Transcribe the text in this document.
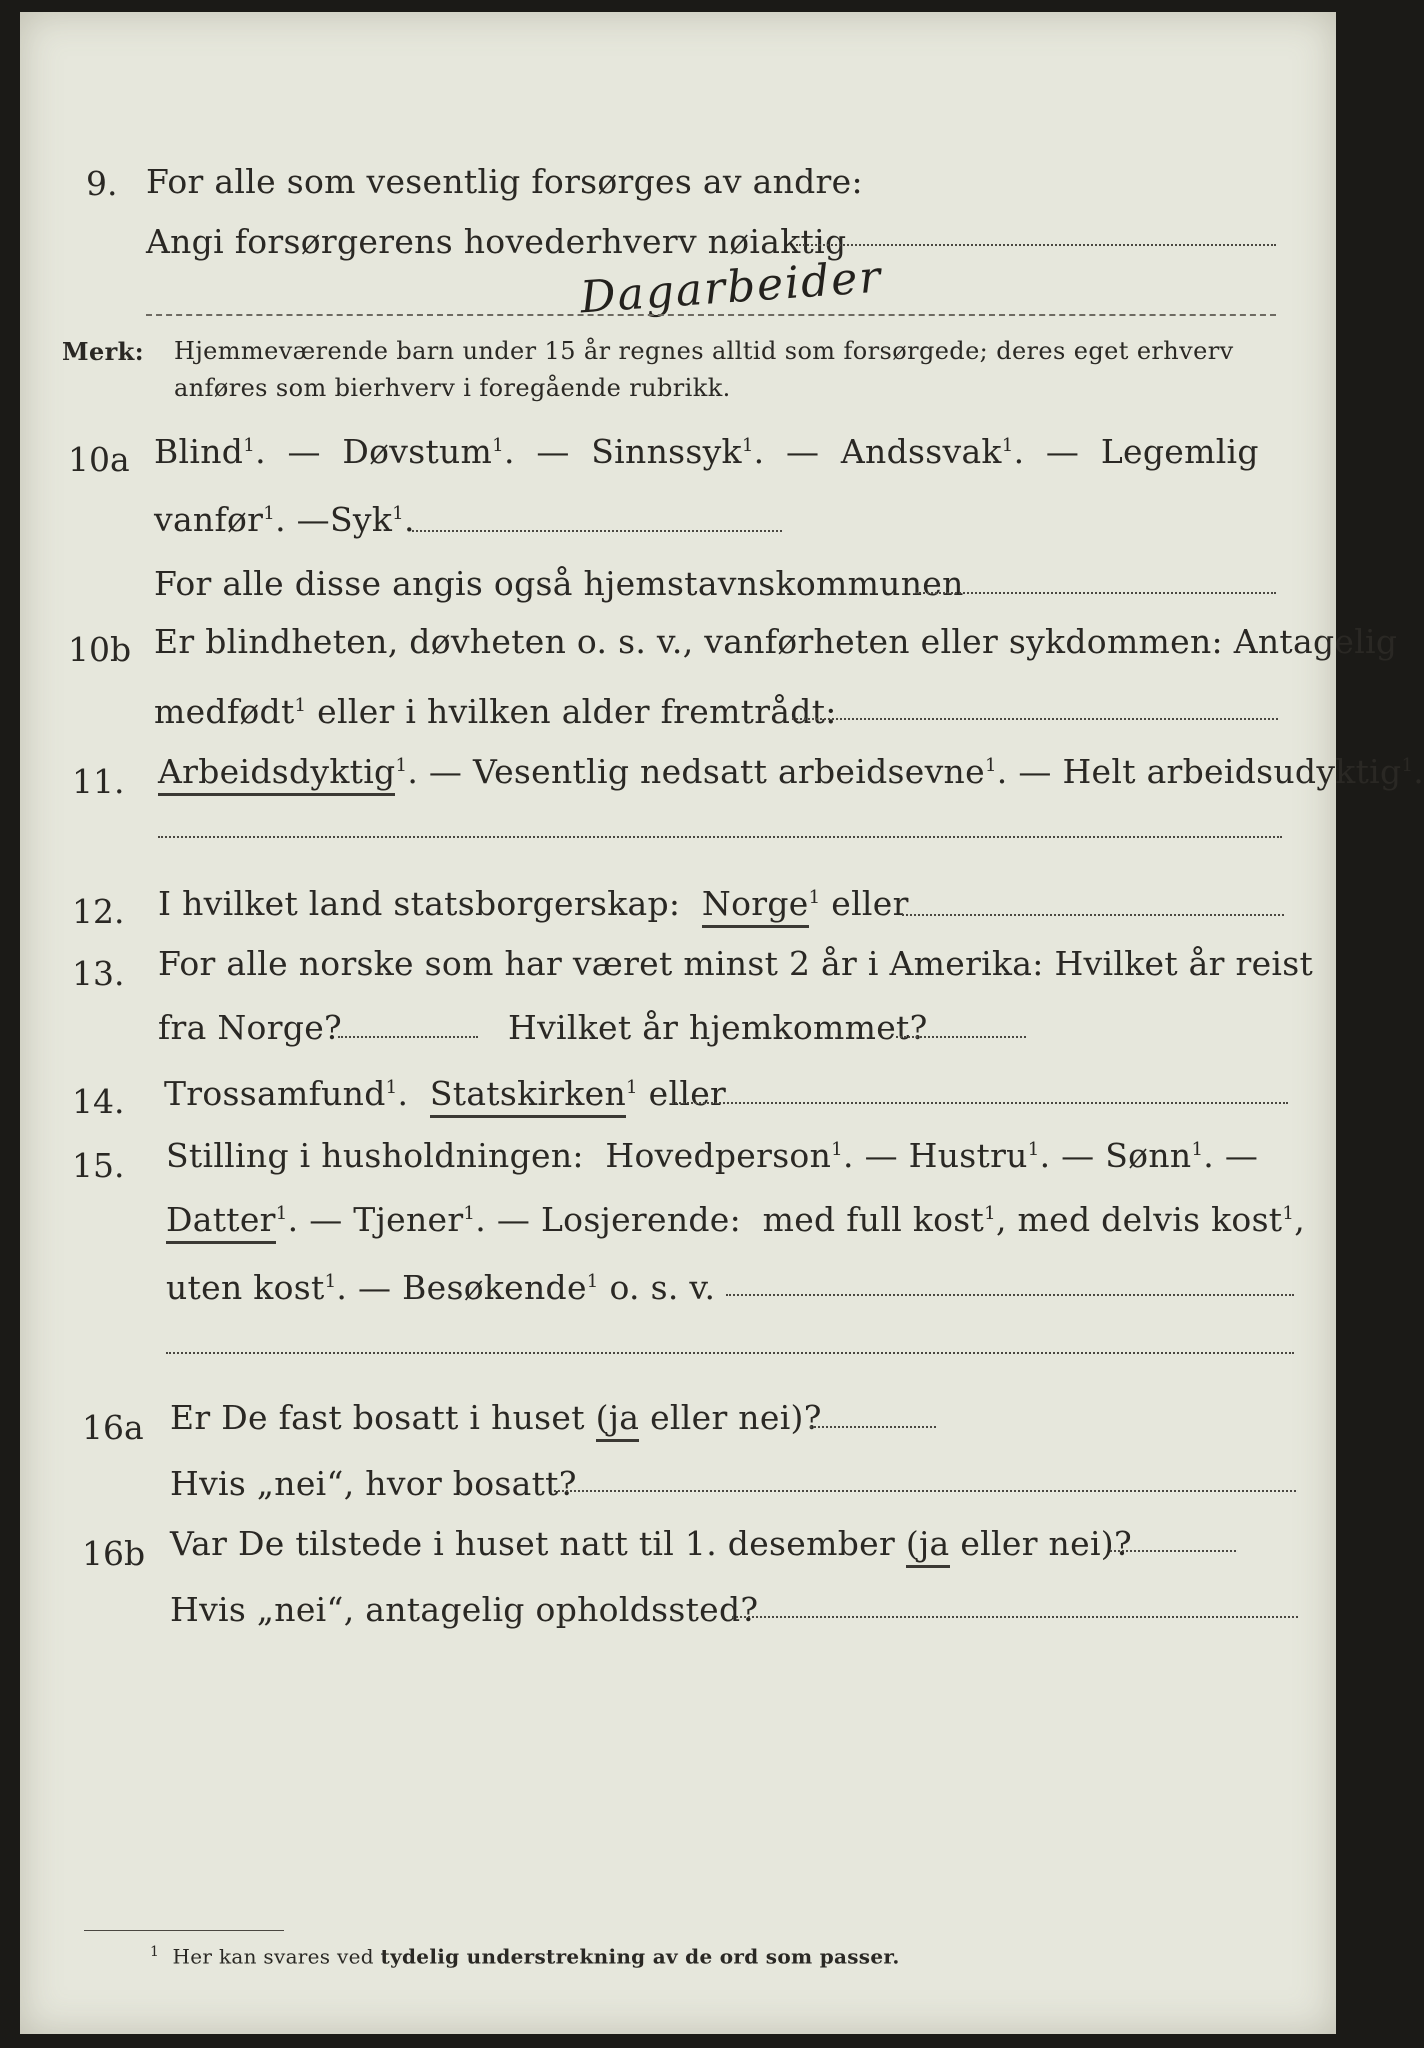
9. For alle som vesentlig forsørges av andre:
Angi forsørgerens hovederhverv nøiaktig
Dagarbeider
Merk: Hjemmeværende barn under 15 år regnes alltid som forsørgede; deres eget erhverv
anføres som bierhverv i foregående rubrikk.
10a Blind$^1$.  —  Døvstum$^1$.  —  Sinnssyk$^1$.  —  Andssvak$^1$.  —  Legemlig
vanfør$^1$. —Syk$^1$.
For alle disse angis også hjemstavnskommunen
10b Er blindheten, døvheten o. s. v., vanførheten eller sykdommen: Antagelig
medfødt$^1$ eller i hvilken alder fremtrådt:
11. Arbeidsdyktig$^1$. — Vesentlig nedsatt arbeidsevne$^1$. — Helt arbeidsudyktig$^1$.
12. I hvilket land statsborgerskap: Norge$^1$ eller
13. For alle norske som har været minst 2 år i Amerika: Hvilket år reist
fra Norge?	Hvilket år hjemkommet?
14. Trossamfund$^1$.  Statskirken$^1$ eller
15. Stilling i husholdningen: Hovedperson$^1$. — Hustru$^1$. — Sønn$^1$. —
Datter$^1$. — Tjener$^1$. — Losjerende: med full kost$^1$, med delvis kost$^1$,
uten kost$^1$. — Besøkende$^1$ o. s. v.
16a Er De fast bosatt i huset (ja eller nei)?
Hvis „nei“, hvor bosatt?
16b Var De tilstede i huset natt til 1. desember (ja eller nei)?
Hvis „nei“, antagelig opholdssted?
$^1$ Her kan svares ved tydelig understrekning av de ord som passer.
